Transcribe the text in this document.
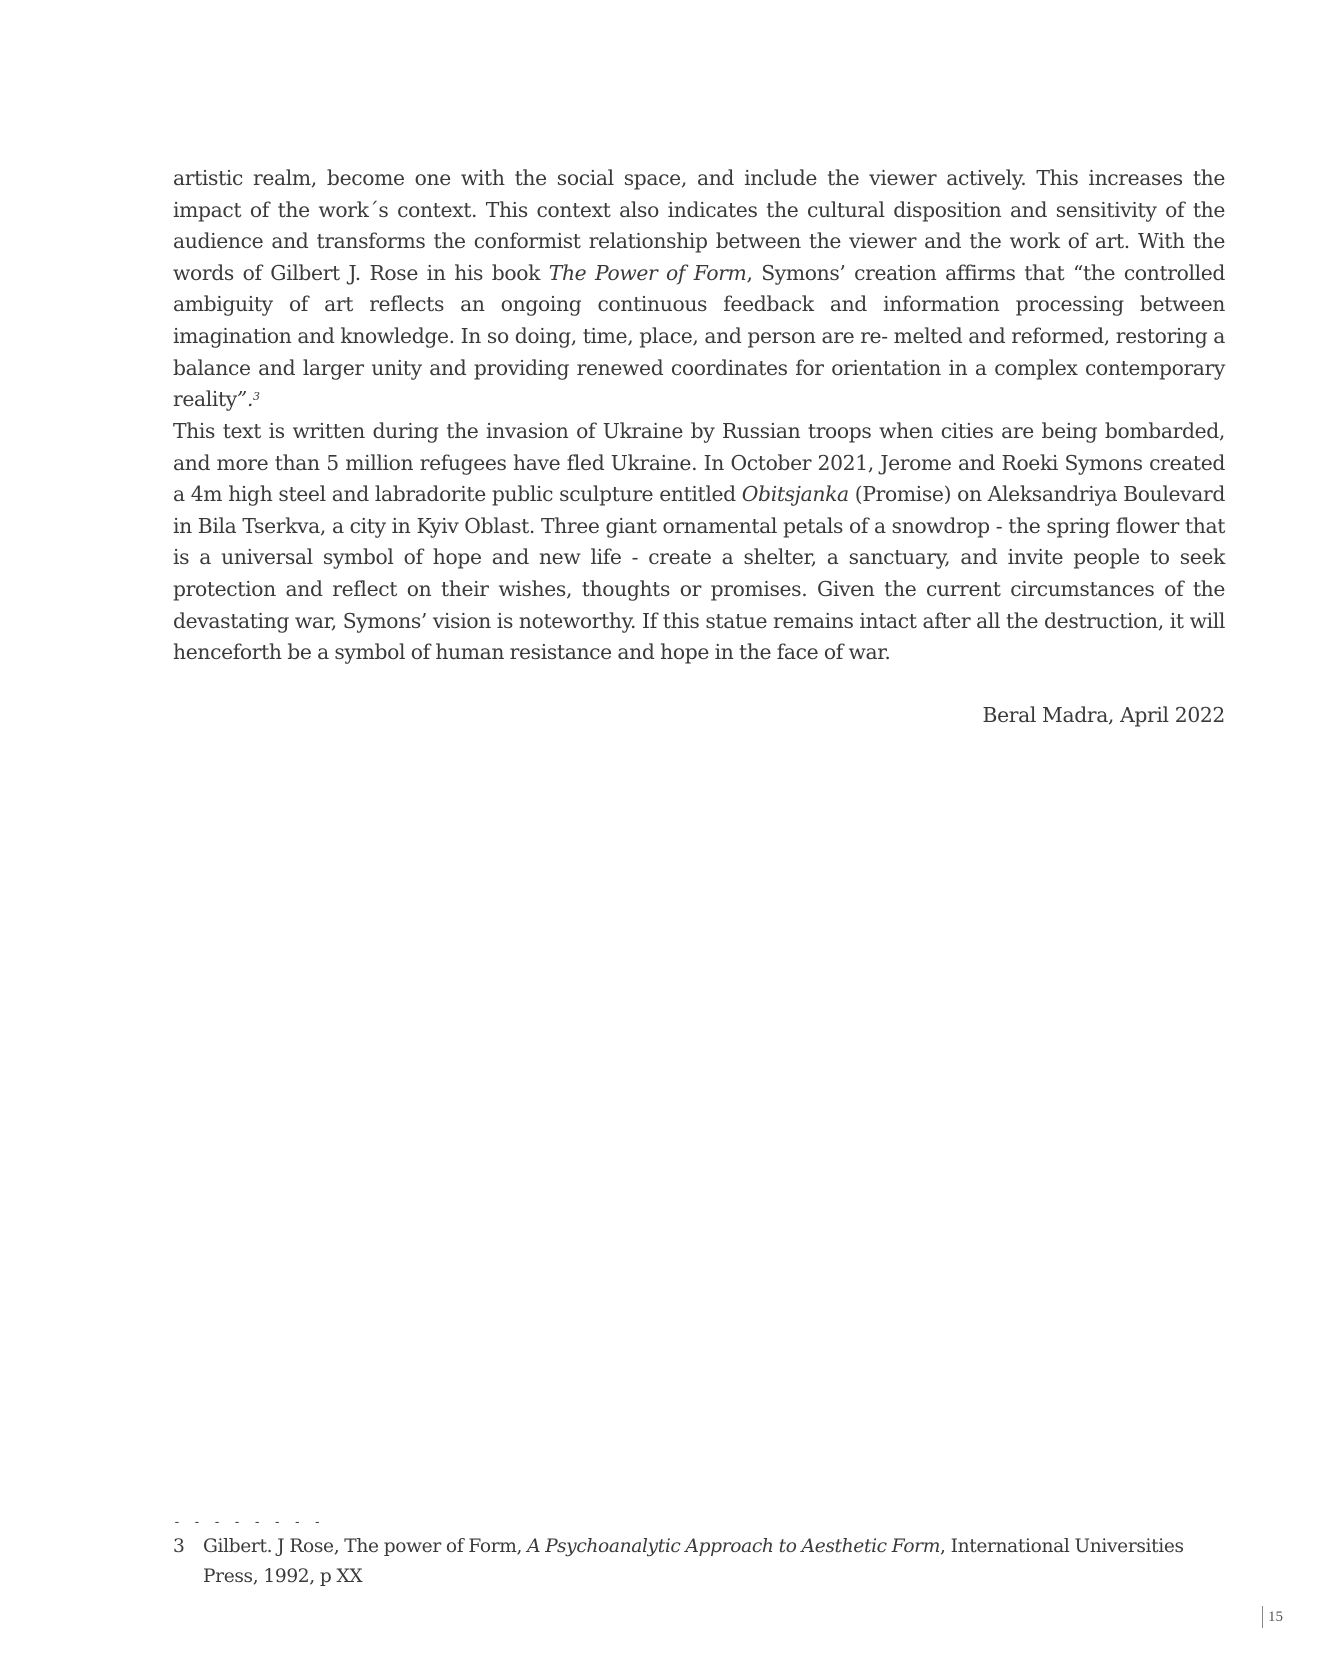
artistic realm, become one with the social space, and include the viewer actively. This increases the impact of the work´s context. This context also indicates the cultural disposition and sensitivity of the audience and transforms the conformist relationship between the viewer and the work of art. With the words of Gilbert J. Rose in his book The Power of Form, Symons’ creation affirms that “the controlled ambiguity of art reflects an ongoing continuous feedback and information processing between imagination and knowledge. In so doing, time, place, and person are re- melted and reformed, restoring a balance and larger unity and providing renewed coordinates for orientation in a complex contemporary reality”.$^3$

This text is written during the invasion of Ukraine by Russian troops when cities are being bombarded, and more than 5 million refugees have fled Ukraine. In October 2021, Jerome and Roeki Symons created a 4m high steel and labradorite public sculpture entitled Obitsjanka (Promise) on Aleksandriya Boulevard in Bila Tserkva, a city in Kyiv Oblast. Three giant ornamental petals of a snowdrop - the spring flower that is a universal symbol of hope and new life - create a shelter, a sanctuary, and invite people to seek protection and reflect on their wishes, thoughts or promises. Given the current circumstances of the devastating war, Symons’ vision is noteworthy. If this statue remains intact after all the destruction, it will henceforth be a symbol of human resistance and hope in the face of war.

Beral Madra, April 2022

- - - - - - - -
3 Gilbert. J Rose, The power of Form, A Psychoanalytic Approach to Aesthetic Form, International Universities Press, 1992, p XX
15
